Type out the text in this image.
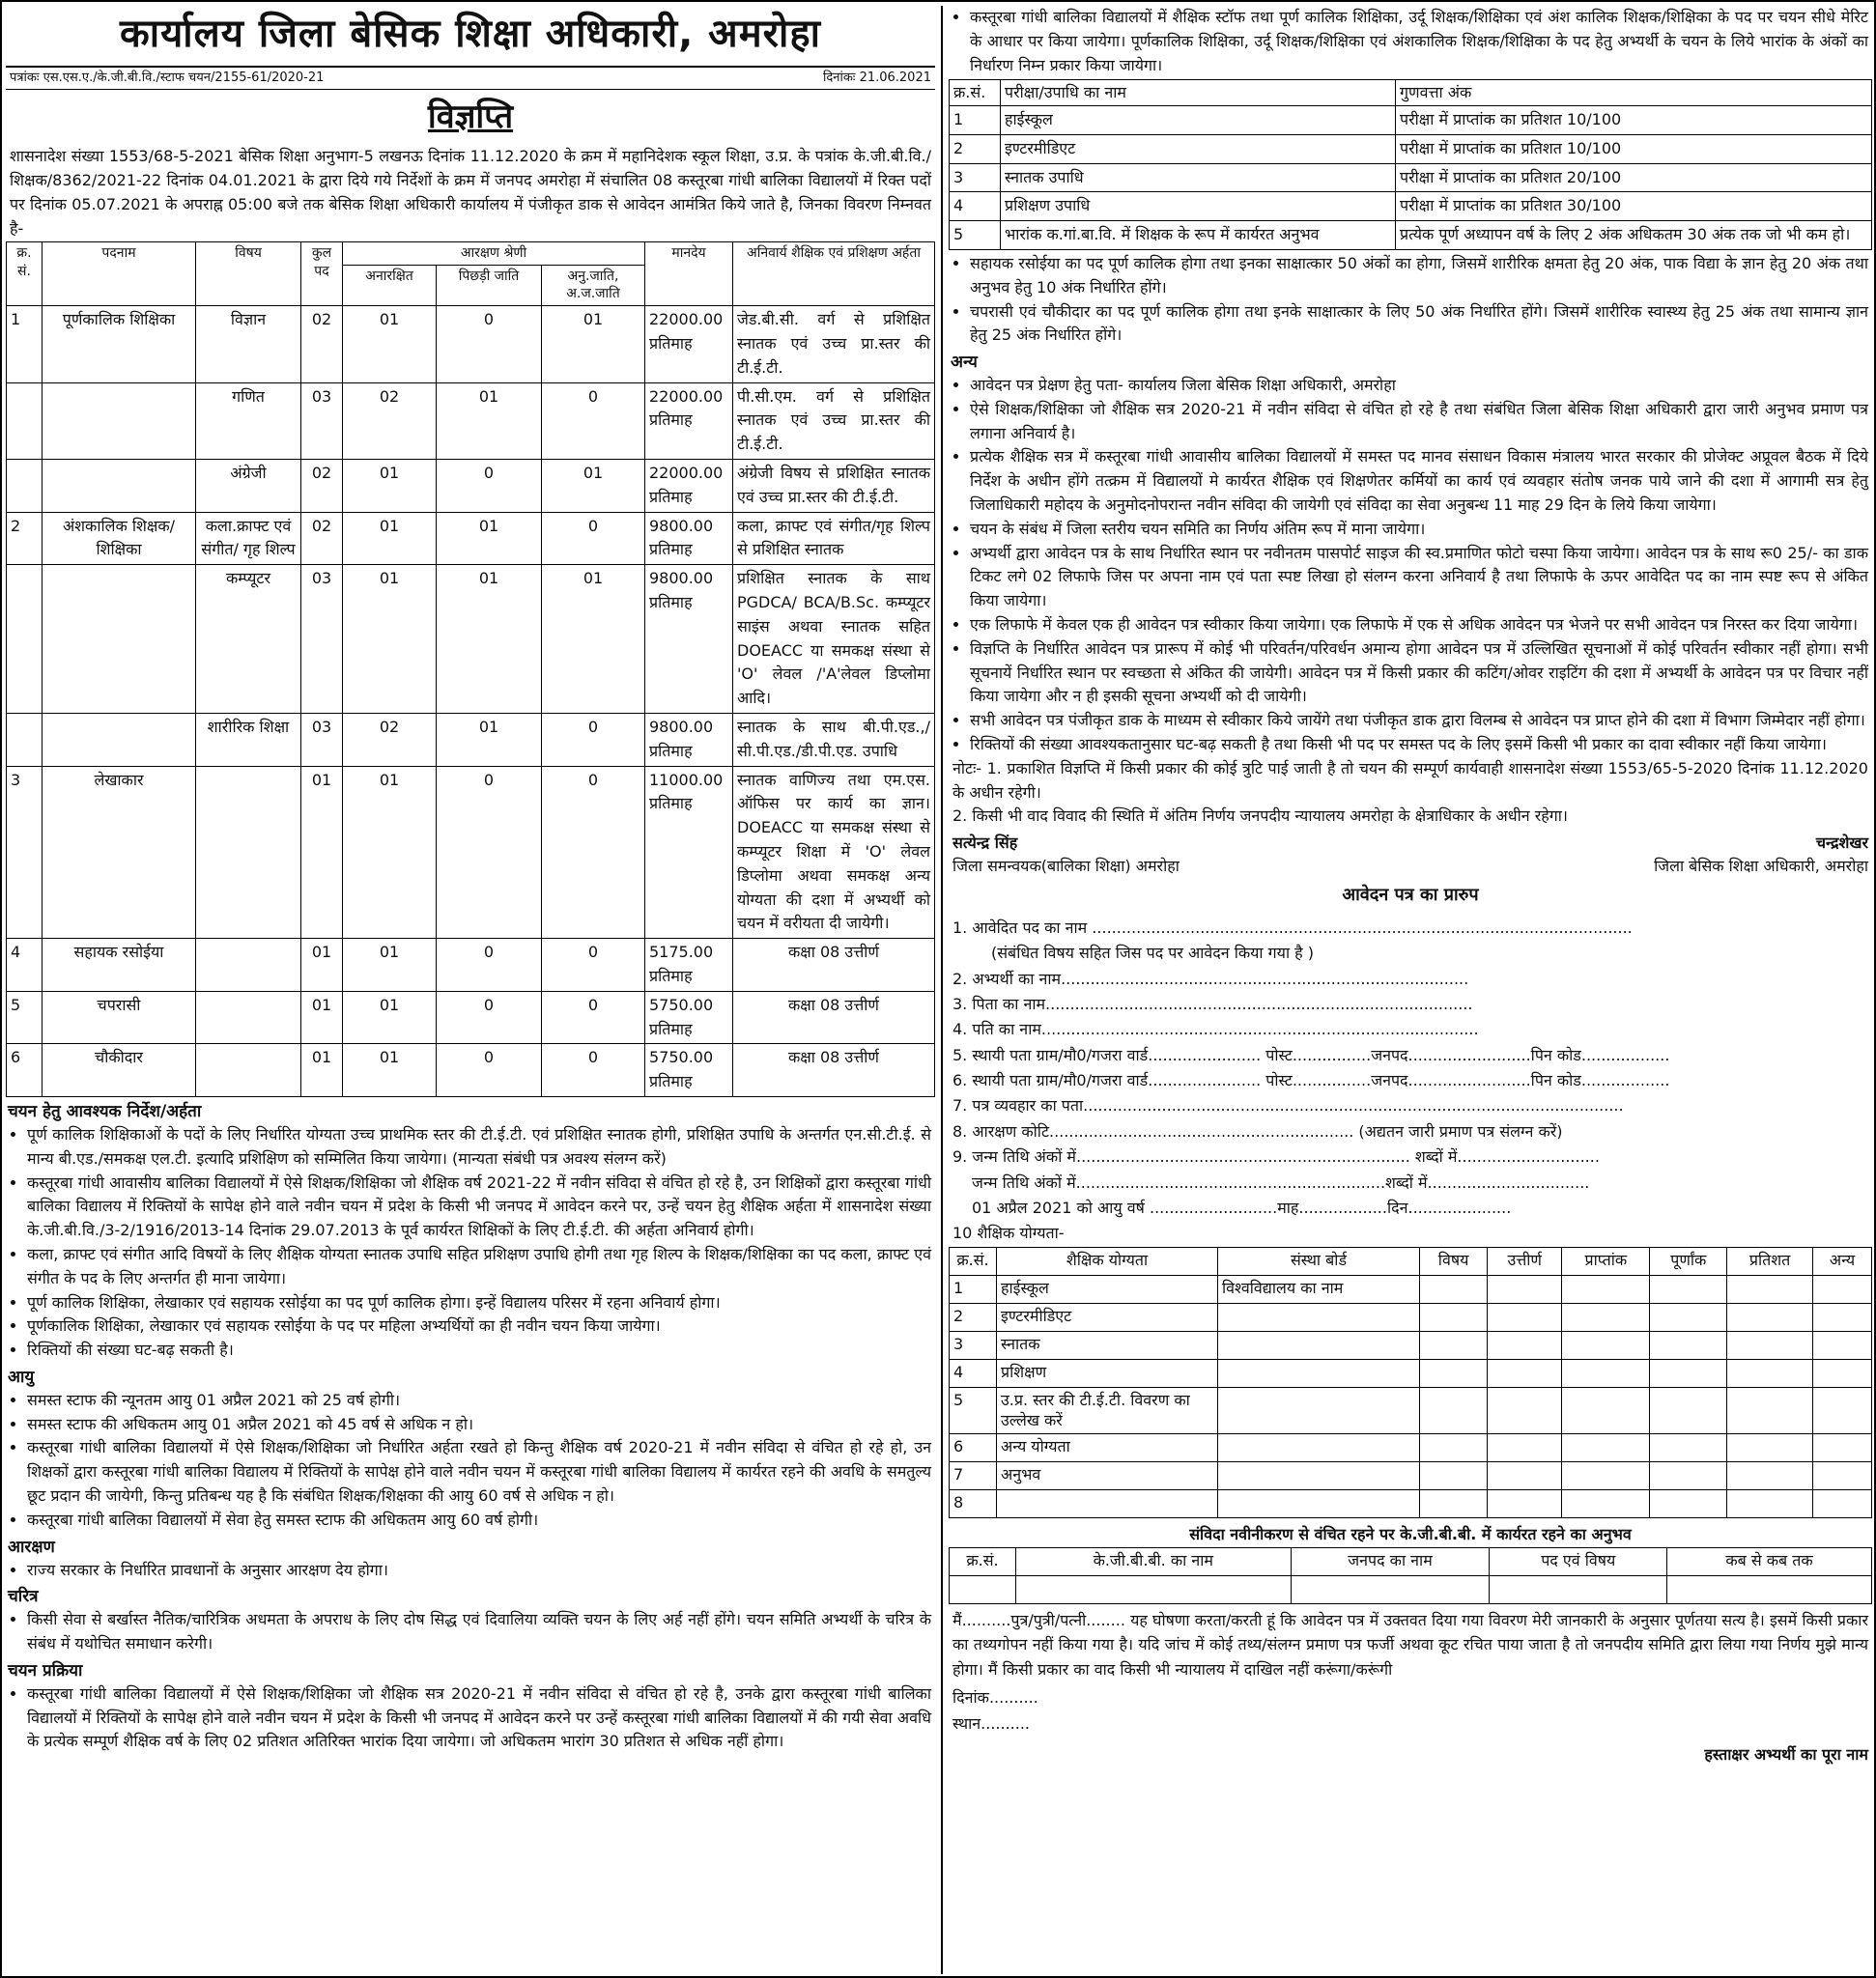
कार्यालय जिला बेसिक शिक्षा अधिकारी, अमरोहा
पत्रांकः एस.एस.ए./के.जी.बी.वि./स्टाफ चयन/2155-61/2020-21	दिनांकः 21.06.2021
विज्ञप्ति
शासनादेश संख्या 1553/68-5-2021 बेसिक शिक्षा अनुभाग-5 लखनऊ दिनांक 11.12.2020 के क्रम में महानिदेशक स्कूल शिक्षा, उ.प्र. के पत्रांक के.जी.बी.वि./शिक्षक/8362/2021-22 दिनांक 04.01.2021 के द्वारा दिये गये निर्देशों के क्रम में जनपद अमरोहा में संचालित 08 कस्तूरबा गांधी बालिका विद्यालयों में रिक्त पदों पर दिनांक 05.07.2021 के अपराह्न 05:00 बजे तक बेसिक शिक्षा अधिकारी कार्यालय में पंजीकृत डाक से आवेदन आमंत्रित किये जाते है, जिनका विवरण निम्नवत है-
क्र. सं.	पदनाम	विषय	कुल पद	आरक्षण श्रेणी			मानदेय	अनिवार्य शैक्षिक एवं प्रशिक्षण अर्हता
				अनारक्षित	पिछड़ी जाति	अनु.जाति, अ.ज.जाति		
1	पूर्णकालिक शिक्षिका	विज्ञान	02	01	0	01	22000.00 प्रतिमाह	जेड.बी.सी. वर्ग से प्रशिक्षित स्नातक एवं उच्च प्रा.स्तर की टी.ई.टी.
		गणित	03	02	01	0	22000.00 प्रतिमाह	पी.सी.एम. वर्ग से प्रशिक्षित स्नातक एवं उच्च प्रा.स्तर की टी.ई.टी.
		अंग्रेजी	02	01	0	01	22000.00 प्रतिमाह	अंग्रेजी विषय से प्रशिक्षित स्नातक एवं उच्च प्रा.स्तर की टी.ई.टी.
2	अंशकालिक शिक्षक/शिक्षिका	कला.क्राफ्ट एवं संगीत/ गृह शिल्प	02	01	01	0	9800.00 प्रतिमाह	कला, क्राफ्ट एवं संगीत/गृह शिल्प से प्रशिक्षित स्नातक
		कम्प्यूटर	03	01	01	01	9800.00 प्रतिमाह	प्रशिक्षित स्नातक के साथ PGDCA/ BCA/B.Sc. कम्प्यूटर साइंस अथवा स्नातक सहित DOEACC या समकक्ष संस्था से 'O' लेवल /'A'लेवल डिप्लोमा आदि।
		शारीरिक शिक्षा	03	02	01	0	9800.00 प्रतिमाह	स्नातक के साथ बी.पी.एड.,/ सी.पी.एड./डी.पी.एड. उपाधि
3	लेखाकार		01	01	0	0	11000.00 प्रतिमाह	स्नातक वाणिज्य तथा एम.एस. ऑफिस पर कार्य का ज्ञान। DOEACC या समकक्ष संस्था से कम्प्यूटर शिक्षा में 'O' लेवल डिप्लोमा अथवा समकक्ष अन्य योग्यता की दशा में अभ्यर्थी को चयन में वरीयता दी जायेगी।
4	सहायक रसोईया		01	01	0	0	5175.00 प्रतिमाह	कक्षा 08 उत्तीर्ण
5	चपरासी		01	01	0	0	5750.00 प्रतिमाह	कक्षा 08 उत्तीर्ण
6	चौकीदार		01	01	0	0	5750.00 प्रतिमाह	कक्षा 08 उत्तीर्ण
चयन हेतु आवश्यक निर्देश/अर्हता
• पूर्ण कालिक शिक्षिकाओं के पदों के लिए निर्धारित योग्यता उच्च प्राथमिक स्तर की टी.ई.टी. एवं प्रशिक्षित स्नातक होगी, प्रशिक्षित उपाधि के अन्तर्गत एन.सी.टी.ई. से मान्य बी.एड./समकक्ष एल.टी. इत्यादि प्रशिक्षिण को सम्मिलित किया जायेगा। (मान्यता संबंधी पत्र अवश्य संलग्न करें)
• कस्तूरबा गांधी आवासीय बालिका विद्यालयों में ऐसे शिक्षक/शिक्षिका जो शैक्षिक वर्ष 2021-22 में नवीन संविदा से वंचित हो रहे है, उन शिक्षिकों द्वारा कस्तूरबा गांधी बालिका विद्यालय में रिक्तियों के सापेक्ष होने वाले नवीन चयन में प्रदेश के किसी भी जनपद में आवेदन करने पर, उन्हें चयन हेतु शैक्षिक अर्हता में शासनादेश संख्या के.जी.बी.वि./3-2/1916/2013-14 दिनांक 29.07.2013 के पूर्व कार्यरत शिक्षिकों के लिए टी.ई.टी. की अर्हता अनिवार्य होगी।
• कला, क्राफ्ट एवं संगीत आदि विषयों के लिए शैक्षिक योग्यता स्नातक उपाधि सहित प्रशिक्षण उपाधि होगी तथा गृह शिल्प के शिक्षक/शिक्षिका का पद कला, क्राफ्ट एवं संगीत के पद के लिए अन्तर्गत ही माना जायेगा।
• पूर्ण कालिक शिक्षिका, लेखाकार एवं सहायक रसोईया का पद पूर्ण कालिक होगा। इन्हें विद्यालय परिसर में रहना अनिवार्य होगा।
• पूर्णकालिक शिक्षिका, लेखाकार एवं सहायक रसोईया के पद पर महिला अभ्यर्थियों का ही नवीन चयन किया जायेगा।
• रिक्तियों की संख्या घट-बढ़ सकती है।
आयु
• समस्त स्टाफ की न्यूनतम आयु 01 अप्रैल 2021 को 25 वर्ष होगी।
• समस्त स्टाफ की अधिकतम आयु 01 अप्रैल 2021 को 45 वर्ष से अधिक न हो।
• कस्तूरबा गांधी बालिका विद्यालयों में ऐसे शिक्षक/शिक्षिका जो निर्धारित अर्हता रखते हो किन्तु शैक्षिक वर्ष 2020-21 में नवीन संविदा से वंचित हो रहे हो, उन शिक्षकों द्वारा कस्तूरबा गांधी बालिका विद्यालय में रिक्तियों के सापेक्ष होने वाले नवीन चयन में कस्तूरबा गांधी बालिका विद्यालय में कार्यरत रहने की अवधि के समतुल्य छूट प्रदान की जायेगी, किन्तु प्रतिबन्ध यह है कि संबंधित शिक्षक/शिक्षका की आयु 60 वर्ष से अधिक न हो।
• कस्तूरबा गांधी बालिका विद्यालयों में सेवा हेतु समस्त स्टाफ की अधिकतम आयु 60 वर्ष होगी।
आरक्षण
• राज्य सरकार के निर्धारित प्रावधानों के अनुसार आरक्षण देय होगा।
चरित्र
• किसी सेवा से बर्खास्त नैतिक/चारित्रिक अधमता के अपराध के लिए दोष सिद्ध एवं दिवालिया व्यक्ति चयन के लिए अर्ह नहीं होंगे। चयन समिति अभ्यर्थी के चरित्र के संबंध में यथोचित समाधान करेगी।
चयन प्रक्रिया
• कस्तूरबा गांधी बालिका विद्यालयों में ऐसे शिक्षक/शिक्षिका जो शैक्षिक सत्र 2020-21 में नवीन संविदा से वंचित हो रहे है, उनके द्वारा कस्तूरबा गांधी बालिका विद्यालयों में रिक्तियों के सापेक्ष होने वाले नवीन चयन में प्रदेश के किसी भी जनपद में आवेदन करने पर उन्हें कस्तूरबा गांधी बालिका विद्यालयों में की गयी सेवा अवधि के प्रत्येक सम्पूर्ण शैक्षिक वर्ष के लिए 02 प्रतिशत अतिरिक्त भारांक दिया जायेगा। जो अधिकतम भारांग 30 प्रतिशत से अधिक नहीं होगा।
• कस्तूरबा गांधी बालिका विद्यालयों में शैक्षिक स्टॉफ तथा पूर्ण कालिक शिक्षिका, उर्दू शिक्षक/शिक्षिका एवं अंश कालिक शिक्षक/शिक्षिका के पद पर चयन सीधे मेरिट के आधार पर किया जायेगा। पूर्णकालिक शिक्षिका, उर्दू शिक्षक/शिक्षिका एवं अंशकालिक शिक्षक/शिक्षिका के पद हेतु अभ्यर्थी के चयन के लिये भारांक के अंकों का निर्धारण निम्न प्रकार किया जायेगा।
क्र.सं.	परीक्षा/उपाधि का नाम	गुणवत्ता अंक
1	हाईस्कूल	परीक्षा में प्राप्तांक का प्रतिशत 10/100
2	इण्टरमीडिएट	परीक्षा में प्राप्तांक का प्रतिशत 10/100
3	स्नातक उपाधि	परीक्षा में प्राप्तांक का प्रतिशत 20/100
4	प्रशिक्षण उपाधि	परीक्षा में प्राप्तांक का प्रतिशत 30/100
5	भारांक क.गां.बा.वि. में शिक्षक के रूप में कार्यरत अनुभव	प्रत्येक पूर्ण अध्यापन वर्ष के लिए 2 अंक अधिकतम 30 अंक तक जो भी कम हो।
• सहायक रसोईया का पद पूर्ण कालिक होगा तथा इनका साक्षात्कार 50 अंकों का होगा, जिसमें शारीरिक क्षमता हेतु 20 अंक, पाक विद्या के ज्ञान हेतु 20 अंक तथा अनुभव हेतु 10 अंक निर्धारित होंगे।
• चपरासी एवं चौकीदार का पद पूर्ण कालिक होगा तथा इनके साक्षात्कार के लिए 50 अंक निर्धारित होंगे। जिसमें शारीरिक स्वास्थ्य हेतु 25 अंक तथा सामान्य ज्ञान हेतु 25 अंक निर्धारित होंगे।
अन्य
• आवेदन पत्र प्रेक्षण हेतु पता- कार्यालय जिला बेसिक शिक्षा अधिकारी, अमरोहा
• ऐसे शिक्षक/शिक्षिका जो शैक्षिक सत्र 2020-21 में नवीन संविदा से वंचित हो रहे है तथा संबंधित जिला बेसिक शिक्षा अधिकारी द्वारा जारी अनुभव प्रमाण पत्र लगाना अनिवार्य है।
• प्रत्येक शैक्षिक सत्र में कस्तूरबा गांधी आवासीय बालिका विद्यालयों में समस्त पद मानव संसाधन विकास मंत्रालय भारत सरकार की प्रोजेक्ट अप्रूवल बैठक में दिये निर्देश के अधीन होंगे तत्क्रम में विद्यालयों मे कार्यरत शैक्षिक एवं शिक्षणेतर कर्मियों का कार्य एवं व्यवहार संतोष जनक पाये जाने की दशा में आगामी सत्र हेतु जिलाधिकारी महोदय के अनुमोदनोपरान्त नवीन संविदा की जायेगी एवं संविदा का सेवा अनुबन्ध 11 माह 29 दिन के लिये किया जायेगा।
• चयन के संबंध में जिला स्तरीय चयन समिति का निर्णय अंतिम रूप में माना जायेगा।
• अभ्यर्थी द्वारा आवेदन पत्र के साथ निर्धारित स्थान पर नवीनतम पासपोर्ट साइज की स्व.प्रमाणित फोटो चस्पा किया जायेगा। आवेदन पत्र के साथ रू0 25/- का डाक टिकट लगे 02 लिफाफे जिस पर अपना नाम एवं पता स्पष्ट लिखा हो संलग्न करना अनिवार्य है तथा लिफाफे के ऊपर आवेदित पद का नाम स्पष्ट रूप से अंकित किया जायेगा।
• एक लिफाफे में केवल एक ही आवेदन पत्र स्वीकार किया जायेगा। एक लिफाफे में एक से अधिक आवेदन पत्र भेजने पर सभी आवेदन पत्र निरस्त कर दिया जायेगा।
• विज्ञप्ति के निर्धारित आवेदन पत्र प्रारूप में कोई भी परिवर्तन/परिवर्धन अमान्य होगा आवेदन पत्र में उल्लिखित सूचनाओं में कोई परिवर्तन स्वीकार नहीं होगा। सभी सूचनायें निर्धारित स्थान पर स्वच्छता से अंकित की जायेगी। आवेदन पत्र में किसी प्रकार की कटिंग/ओवर राइटिंग की दशा में अभ्यर्थी के आवेदन पत्र पर विचार नहीं किया जायेगा और न ही इसकी सूचना अभ्यर्थी को दी जायेगी।
• सभी आवेदन पत्र पंजीकृत डाक के माध्यम से स्वीकार किये जायेंगे तथा पंजीकृत डाक द्वारा विलम्ब से आवेदन पत्र प्राप्त होने की दशा में विभाग जिम्मेदार नहीं होगा।
• रिक्तियों की संख्या आवश्यकतानुसार घट-बढ़ सकती है तथा किसी भी पद पर समस्त पद के लिए इसमें किसी भी प्रकार का दावा स्वीकार नहीं किया जायेगा।
नोटः- 1. प्रकाशित विज्ञप्ति में किसी प्रकार की कोई त्रुटि पाई जाती है तो चयन की सम्पूर्ण कार्यवाही शासनादेश संख्या 1553/65-5-2020 दिनांक 11.12.2020 के अधीन रहेगी।
2. किसी भी वाद विवाद की स्थिति में अंतिम निर्णय जनपदीय न्यायालय अमरोहा के क्षेत्राधिकार के अधीन रहेगा।
सत्येन्द्र सिंह	चन्द्रशेखर
जिला समन्वयक(बालिका शिक्षा) अमरोहा	जिला बेसिक शिक्षा अधिकारी, अमरोहा
आवेदन पत्र का प्रारुप
1. आवेदित पद का नाम ..............................................................................................................
(संबंधित विषय सहित जिस पद पर आवेदन किया गया है )
2. अभ्यर्थी का नाम...................................................................................
3. पिता का नाम.......................................................................................
4. पति का नाम.........................................................................................
5. स्थायी पता ग्राम/मौ0/गजरा वार्ड....................... पोस्ट................जनपद.........................पिन कोड..................
6. स्थायी पता ग्राम/मौ0/गजरा वार्ड....................... पोस्ट................जनपद.........................पिन कोड..................
7. पत्र व्यवहार का पता..............................................................................................................
8. आरक्षण कोटि.............................................................. (अद्यतन जारी प्रमाण पत्र संलग्न करें)
9. जन्म तिथि अंकों में.................................................................... शब्दों में.............................
जन्म तिथि अंकों में...............................................................शब्दों में.................................
01 अप्रैल 2021 को आयु वर्ष ..........................माह..................दिन.....................
10 शैक्षिक योग्यता-
क्र.सं.	शैक्षिक योग्यता	संस्था बोर्ड	विषय	उत्तीर्ण	प्राप्तांक	पूर्णांक	प्रतिशत	अन्य
1	हाईस्कूल	विश्वविद्यालय का नाम						
2	इण्टरमीडिएट							
3	स्नातक							
4	प्रशिक्षण							
5	उ.प्र. स्तर की टी.ई.टी. विवरण का उल्लेख करें							
6	अन्य योग्यता							
7	अनुभव							
8								
संविदा नवीनीकरण से वंचित रहने पर के.जी.बी.बी. में कार्यरत रहने का अनुभव
क्र.सं.	के.जी.बी.बी. का नाम	जनपद का नाम	पद एवं विषय	कब से कब तक

मैं..........पुत्र/पुत्री/पत्नी........ यह घोषणा करता/करती हूं कि आवेदन पत्र में उक्तवत दिया गया विवरण मेरी जानकारी के अनुसार पूर्णतया सत्य है। इसमें किसी प्रकार का तथ्यगोपन नहीं किया गया है। यदि जांच में कोई तथ्य/संलग्न प्रमाण पत्र फर्जी अथवा कूट रचित पाया जाता है तो जनपदीय समिति द्वारा लिया गया निर्णय मुझे मान्य होगा। मैं किसी प्रकार का वाद किसी भी न्यायालय में दाखिल नहीं करूंगा/करूंगी
दिनांक..........
स्थान..........
हस्ताक्षर अभ्यर्थी का पूरा नाम
